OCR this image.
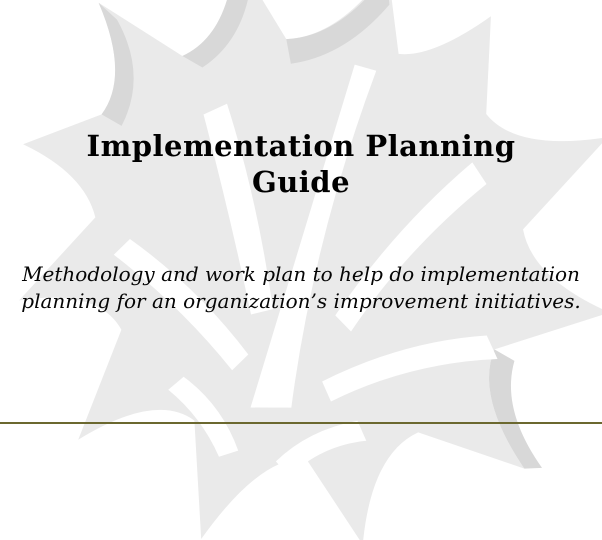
Implementation Planning
Guide
Methodology and work plan to help do implementation
planning for an organization’s improvement initiatives.
